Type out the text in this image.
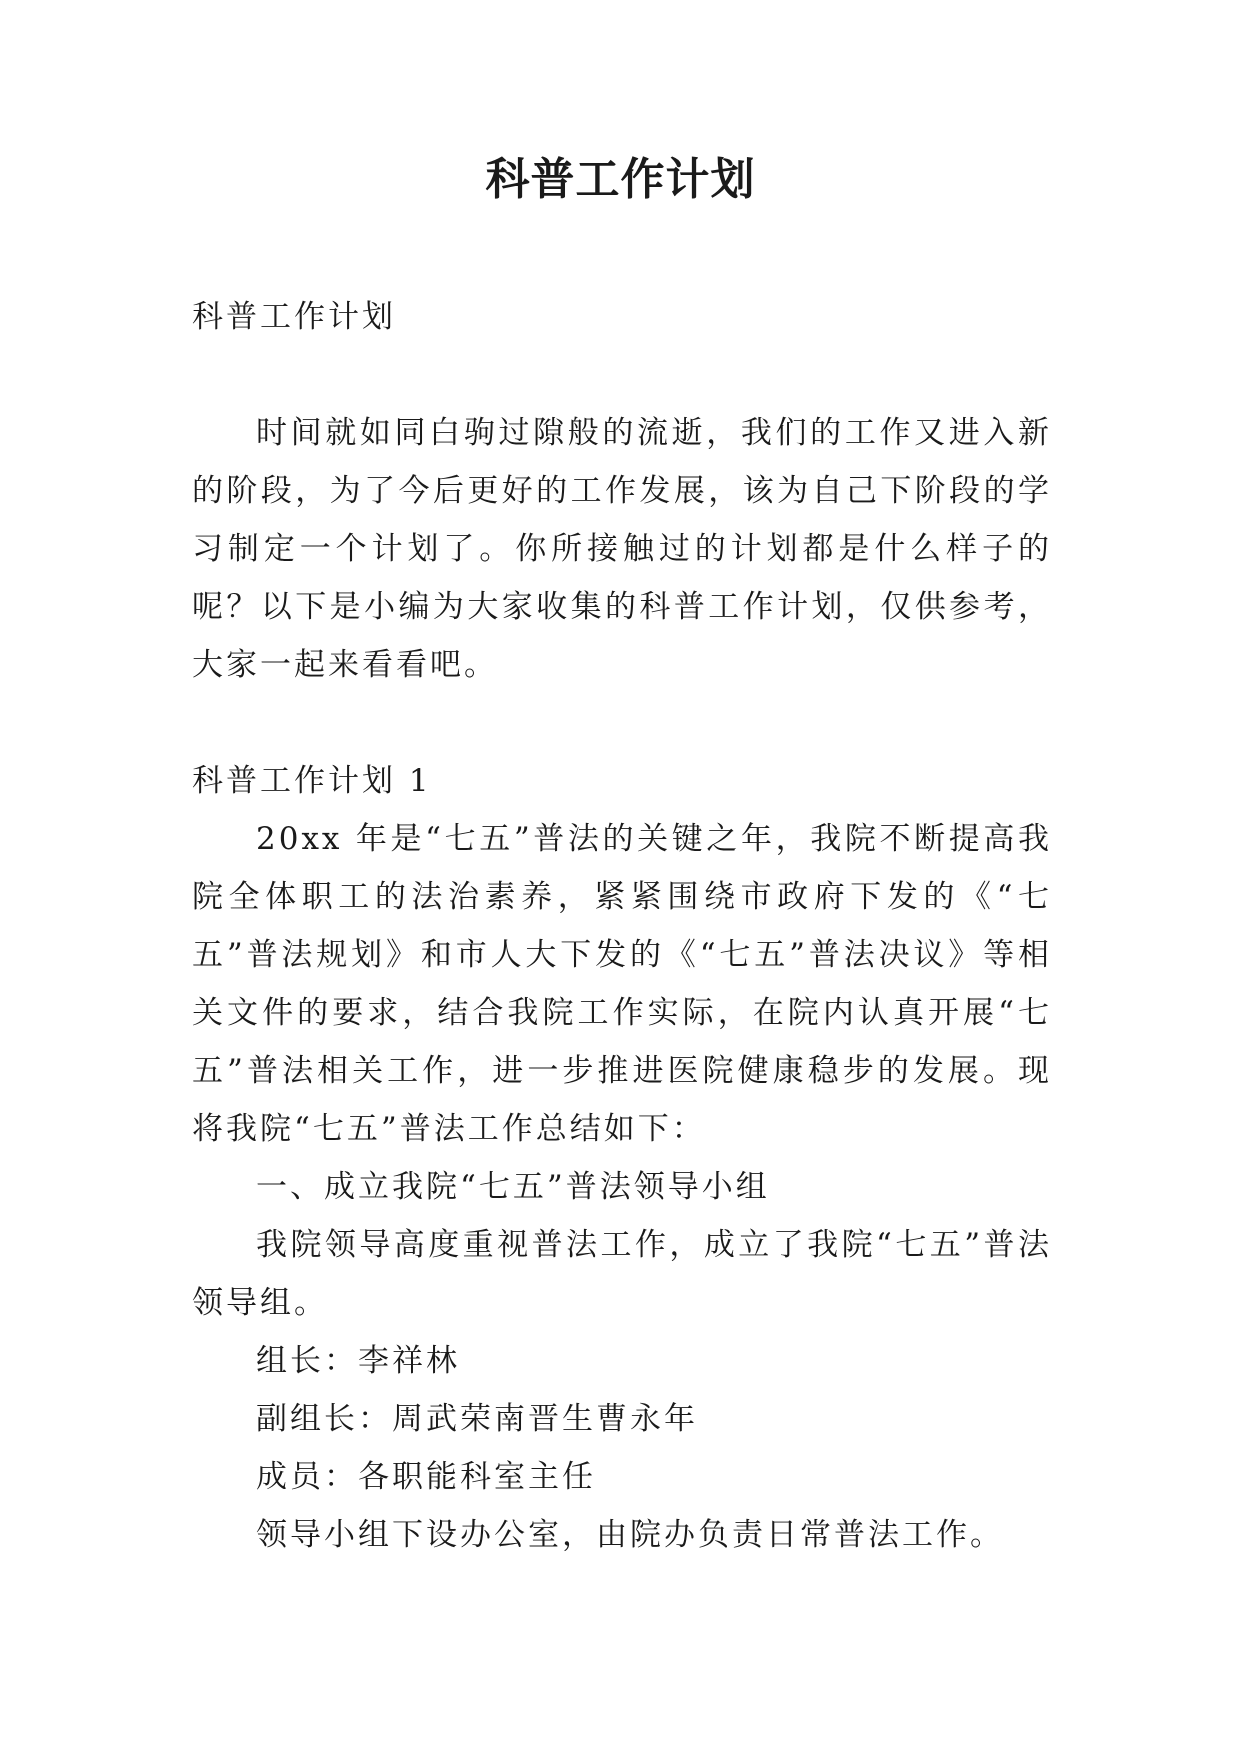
科普工作计划

科普工作计划

时间就如同白驹过隙般的流逝，我们的工作又进入新的阶段，为了今后更好的工作发展，该为自己下阶段的学习制定一个计划了。你所接触过的计划都是什么样子的呢？以下是小编为大家收集的科普工作计划，仅供参考，大家一起来看看吧。

科普工作计划 1

20xx 年是“七五”普法的关键之年，我院不断提高我院全体职工的法治素养，紧紧围绕市政府下发的《“七五”普法规划》和市人大下发的《“七五”普法决议》等相关文件的要求，结合我院工作实际，在院内认真开展“七五”普法相关工作，进一步推进医院健康稳步的发展。现将我院“七五”普法工作总结如下：

一、成立我院“七五”普法领导小组

我院领导高度重视普法工作，成立了我院“七五”普法领导组。

组长：李祥林

副组长：周武荣南晋生曹永年

成员：各职能科室主任

领导小组下设办公室，由院办负责日常普法工作。
